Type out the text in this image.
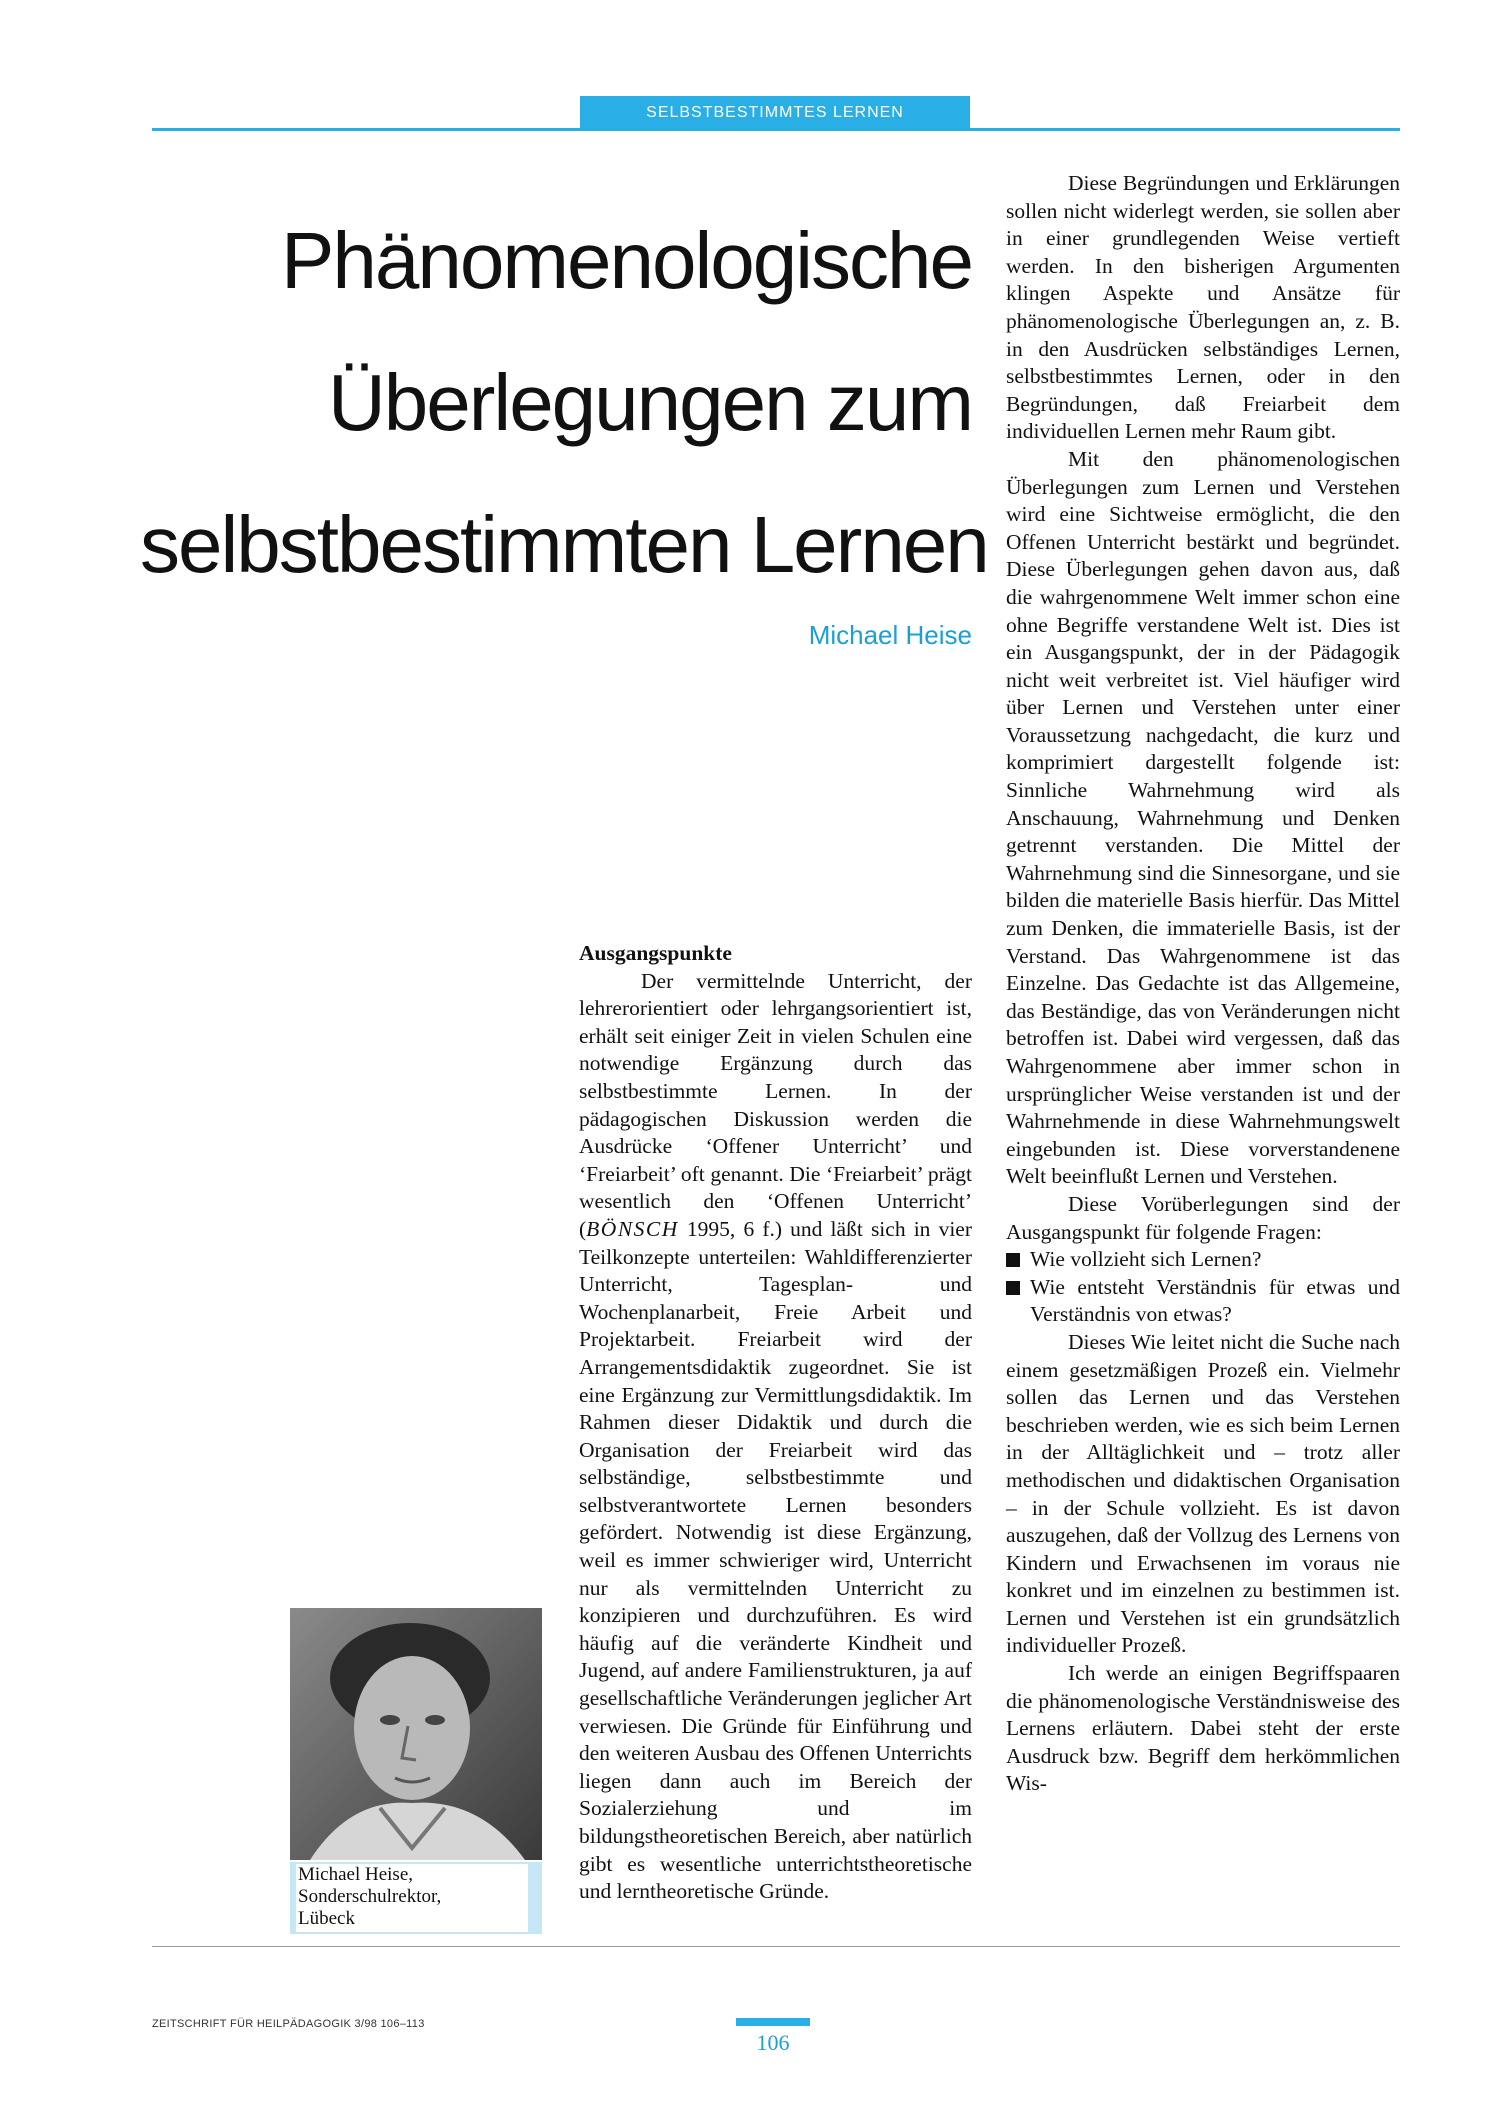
SELBSTBESTIMMTES LERNEN
Phänomenologische
Überlegungen zum
selbstbestimmten Lernen
Michael Heise

Ausgangspunkte

Der vermittelnde Unterricht, der lehrerorientiert oder lehrgangsorientiert ist, erhält seit einiger Zeit in vielen Schulen eine notwendige Ergänzung durch das selbstbestimmte Lernen. In der pädagogischen Diskussion werden die Ausdrücke ‘Offener Unterricht’ und ‘Freiarbeit’ oft genannt. Die ‘Freiarbeit’ prägt wesentlich den ‘Offenen Unterricht’ (BÖNSCH 1995, 6 f.) und läßt sich in vier Teilkonzepte unterteilen: Wahldifferenzierter Unterricht, Tagesplan- und Wochenplanarbeit, Freie Arbeit und Projektarbeit. Freiarbeit wird der Arrangementsdidaktik zugeordnet. Sie ist eine Ergänzung zur Vermittlungsdidaktik. Im Rahmen dieser Didaktik und durch die Organisation der Freiarbeit wird das selbständige, selbstbestimmte und selbstverantwortete Lernen besonders gefördert. Notwendig ist diese Ergänzung, weil es immer schwieriger wird, Unterricht nur als vermittelnden Unterricht zu konzipieren und durchzuführen. Es wird häufig auf die veränderte Kindheit und Jugend, auf andere Familienstrukturen, ja auf gesellschaftliche Veränderungen jeglicher Art verwiesen. Die Gründe für Einführung und den weiteren Ausbau des Offenen Unterrichts liegen dann auch im Bereich der Sozialerziehung und im bildungstheoretischen Bereich, aber natürlich gibt es wesentliche unterrichtstheoretische und lerntheoretische Gründe.

Diese Begründungen und Erklärungen sollen nicht widerlegt werden, sie sollen aber in einer grundlegenden Weise vertieft werden. In den bisherigen Argumenten klingen Aspekte und Ansätze für phänomenologische Überlegungen an, z. B. in den Ausdrücken selbständiges Lernen, selbstbestimmtes Lernen, oder in den Begründungen, daß Freiarbeit dem individuellen Lernen mehr Raum gibt.

Mit den phänomenologischen Überlegungen zum Lernen und Verstehen wird eine Sichtweise ermöglicht, die den Offenen Unterricht bestärkt und begründet. Diese Überlegungen gehen davon aus, daß die wahrgenommene Welt immer schon eine ohne Begriffe verstandene Welt ist. Dies ist ein Ausgangspunkt, der in der Pädagogik nicht weit verbreitet ist. Viel häufiger wird über Lernen und Verstehen unter einer Voraussetzung nachgedacht, die kurz und komprimiert dargestellt folgende ist: Sinnliche Wahrnehmung wird als Anschauung, Wahrnehmung und Denken getrennt verstanden. Die Mittel der Wahrnehmung sind die Sinnesorgane, und sie bilden die materielle Basis hierfür. Das Mittel zum Denken, die immaterielle Basis, ist der Verstand. Das Wahrgenommene ist das Einzelne. Das Gedachte ist das Allgemeine, das Beständige, das von Veränderungen nicht betroffen ist. Dabei wird vergessen, daß das Wahrgenommene aber immer schon in ursprünglicher Weise verstanden ist und der Wahrnehmende in diese Wahrnehmungswelt eingebunden ist. Diese vorverstandenene Welt beeinflußt Lernen und Verstehen.

Diese Vorüberlegungen sind der Ausgangspunkt für folgende Fragen:

Wie vollzieht sich Lernen?
Wie entsteht Verständnis für etwas und Verständnis von etwas?

Dieses Wie leitet nicht die Suche nach einem gesetzmäßigen Prozeß ein. Vielmehr sollen das Lernen und das Verstehen beschrieben werden, wie es sich beim Lernen in der Alltäglichkeit und – trotz aller methodischen und didaktischen Organisation – in der Schule vollzieht. Es ist davon auszugehen, daß der Vollzug des Lernens von Kindern und Erwachsenen im voraus nie konkret und im einzelnen zu bestimmen ist. Lernen und Verstehen ist ein grundsätzlich individueller Prozeß.

Ich werde an einigen Begriffspaaren die phänomenologische Verständnisweise des Lernens erläutern. Dabei steht der erste Ausdruck bzw. Begriff dem herkömmlichen Wis-

Michael Heise,
Sonderschulrektor,
Lübeck
ZEITSCHRIFT FÜR HEILPÄDAGOGIK 3/98 106–113
106
